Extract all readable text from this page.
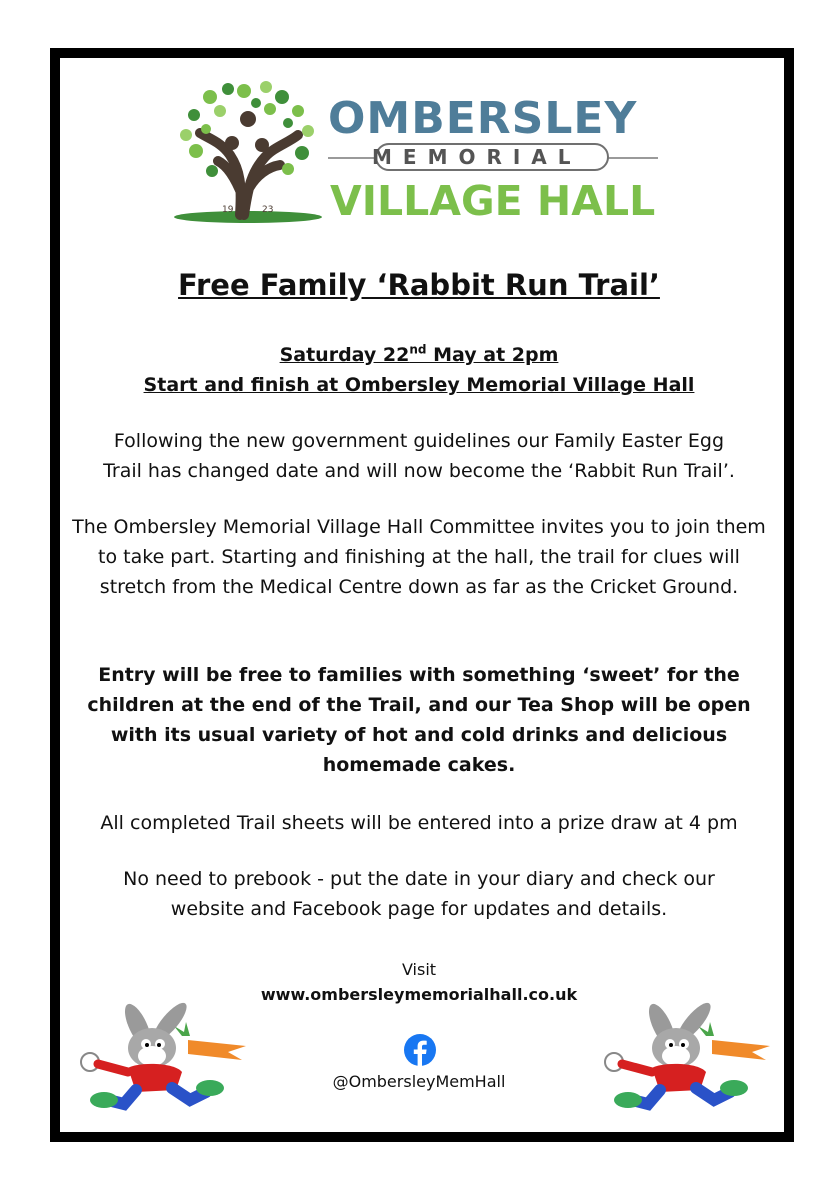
19	23
OMBERSLEY
MEMORIAL
VILLAGE HALL
Free Family ‘Rabbit Run Trail’
Saturday 22nd May at 2pm
Start and finish at Ombersley Memorial Village Hall
Following the new government guidelines our Family Easter Egg Trail has changed date and will now become the ‘Rabbit Run Trail’.
The Ombersley Memorial Village Hall Committee invites you to join them to take part. Starting and finishing at the hall, the trail for clues will stretch from the Medical Centre down as far as the Cricket Ground.
Entry will be free to families with something ‘sweet’ for the children at the end of the Trail, and our Tea Shop will be open with its usual variety of hot and cold drinks and delicious homemade cakes.
All completed Trail sheets will be entered into a prize draw at 4 pm
No need to prebook - put the date in your diary and check our website and Facebook page for updates and details.
Visit
www.ombersleymemorialhall.co.uk
@OmbersleyMemHall
